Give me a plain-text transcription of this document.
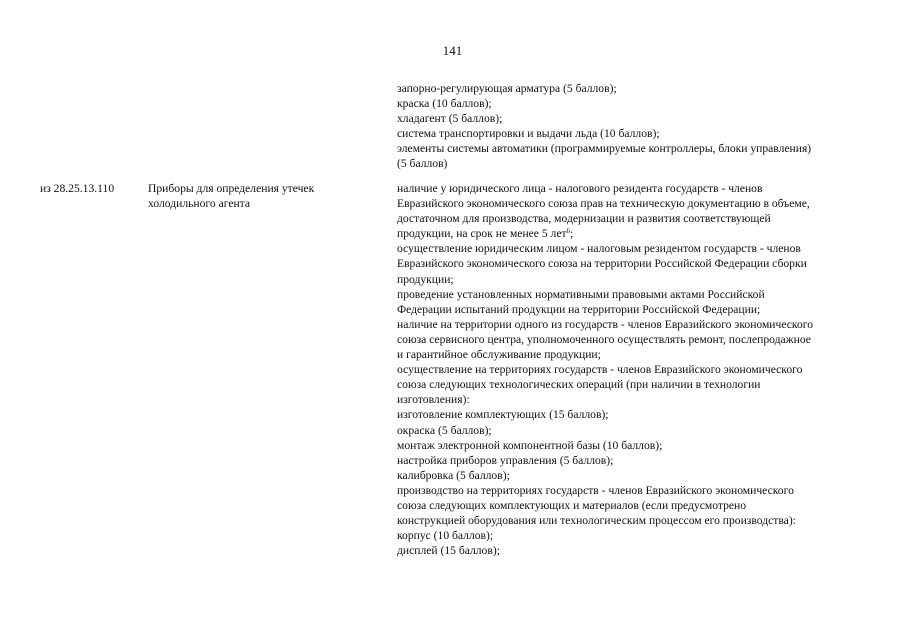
141
запорно-регулирующая арматура (5 баллов);
краска (10 баллов);
хладагент (5 баллов);
система транспортировки и выдачи льда (10 баллов);
элементы системы автоматики (программируемые контроллеры, блоки управления)
(5 баллов)
из 28.25.13.110	Приборы для определения утечек
холодильного агента
наличие у юридического лица - налогового резидента государств - членов
Евразийского экономического союза прав на техническую документацию в объеме,
достаточном для производства, модернизации и развития соответствующей
продукции, на срок не менее 5 лет$^6$;
осуществление юридическим лицом - налоговым резидентом государств - членов
Евразийского экономического союза на территории Российской Федерации сборки
продукции;
проведение установленных нормативными правовыми актами Российской
Федерации испытаний продукции на территории Российской Федерации;
наличие на территории одного из государств - членов Евразийского экономического
союза сервисного центра, уполномоченного осуществлять ремонт, послепродажное
и гарантийное обслуживание продукции;
осуществление на территориях государств - членов Евразийского экономического
союза следующих технологических операций (при наличии в технологии
изготовления):
изготовление комплектующих (15 баллов);
окраска (5 баллов);
монтаж электронной компонентной базы (10 баллов);
настройка приборов управления (5 баллов);
калибровка (5 баллов);
производство на территориях государств - членов Евразийского экономического
союза следующих комплектующих и материалов (если предусмотрено
конструкцией оборудования или технологическим процессом его производства):
корпус (10 баллов);
дисплей (15 баллов);
